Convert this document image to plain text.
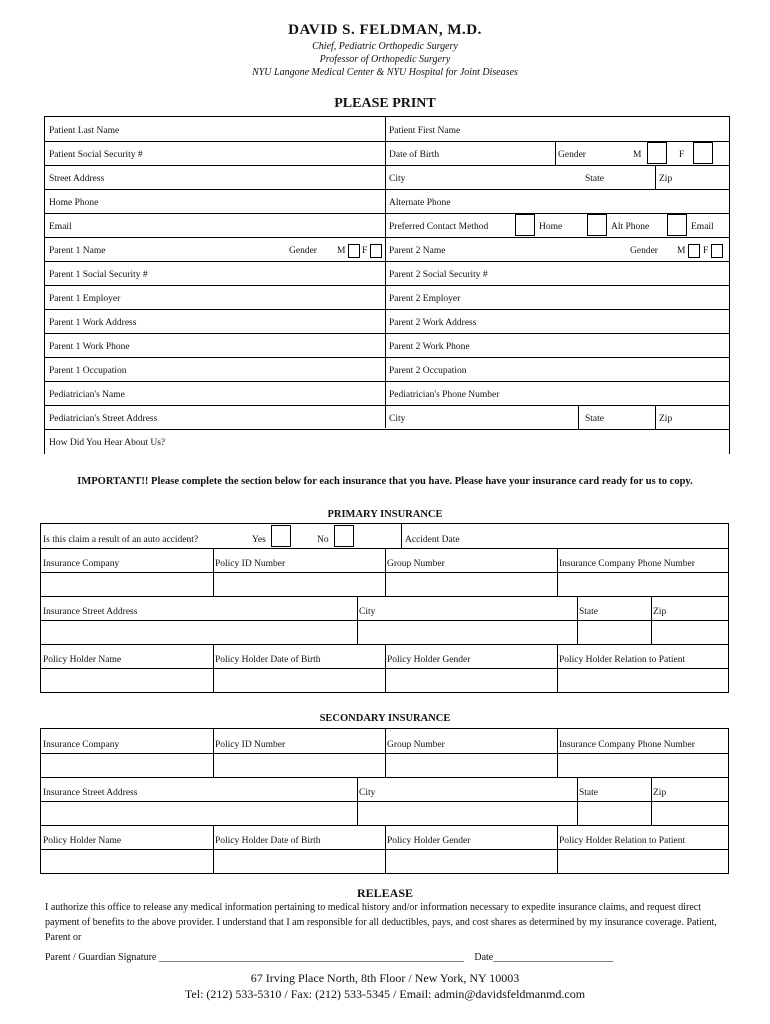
DAVID S. FELDMAN, M.D.
Chief, Pediatric Orthopedic Surgery
Professor of Orthopedic Surgery
NYU Langone Medical Center & NYU Hospital for Joint Diseases
PLEASE PRINT
Patient Last Name	Patient First Name
Patient Social Security #	Date of Birth	Gender	M	F
Street Address	City	State	Zip
Home Phone	Alternate Phone
Email	Preferred Contact Method	Home	Alt Phone	Email
Parent 1 Name	Gender M F Parent 2 Name	Gender M F
Parent 1 Social Security #	Parent 2 Social Security #
Parent 1 Employer	Parent 2 Employer
Parent 1 Work Address	Parent 2 Work Address
Parent 1 Work Phone	Parent 2 Work Phone
Parent 1 Occupation	Parent 2 Occupation
Pediatrician's Name	Pediatrician's Phone Number
Pediatrician's Street Address	City	State	Zip
How Did You Hear About Us?
IMPORTANT!! Please complete the section below for each insurance that you have. Please have your insurance card ready for us to copy.
PRIMARY INSURANCE
Is this claim a result of an auto accident?	Yes	No	Accident Date
Insurance Company	Policy ID Number	Group Number	Insurance Company Phone Number
Insurance Street Address	City	State	Zip
Policy Holder Name	Policy Holder Date of Birth	Policy Holder Gender	Policy Holder Relation to Patient
SECONDARY INSURANCE
Insurance Company	Policy ID Number	Group Number	Insurance Company Phone Number
Insurance Street Address	City	State	Zip
Policy Holder Name	Policy Holder Date of Birth	Policy Holder Gender	Policy Holder Relation to Patient
RELEASE
I authorize this office to release any medical information pertaining to medical history and/or information necessary to expedite insurance claims, and request direct payment of benefits to the above provider. I understand that I am responsible for all deductibles, pays, and cost shares as determined by my insurance coverage. Patient, Parent or
Parent / Guardian Signature _____________________________________________________________ Date________________________
67 Irving Place North, 8th Floor / New York, NY 10003
Tel: (212) 533-5310 / Fax: (212) 533-5345 / Email: admin@davidsfeldmanmd.com
